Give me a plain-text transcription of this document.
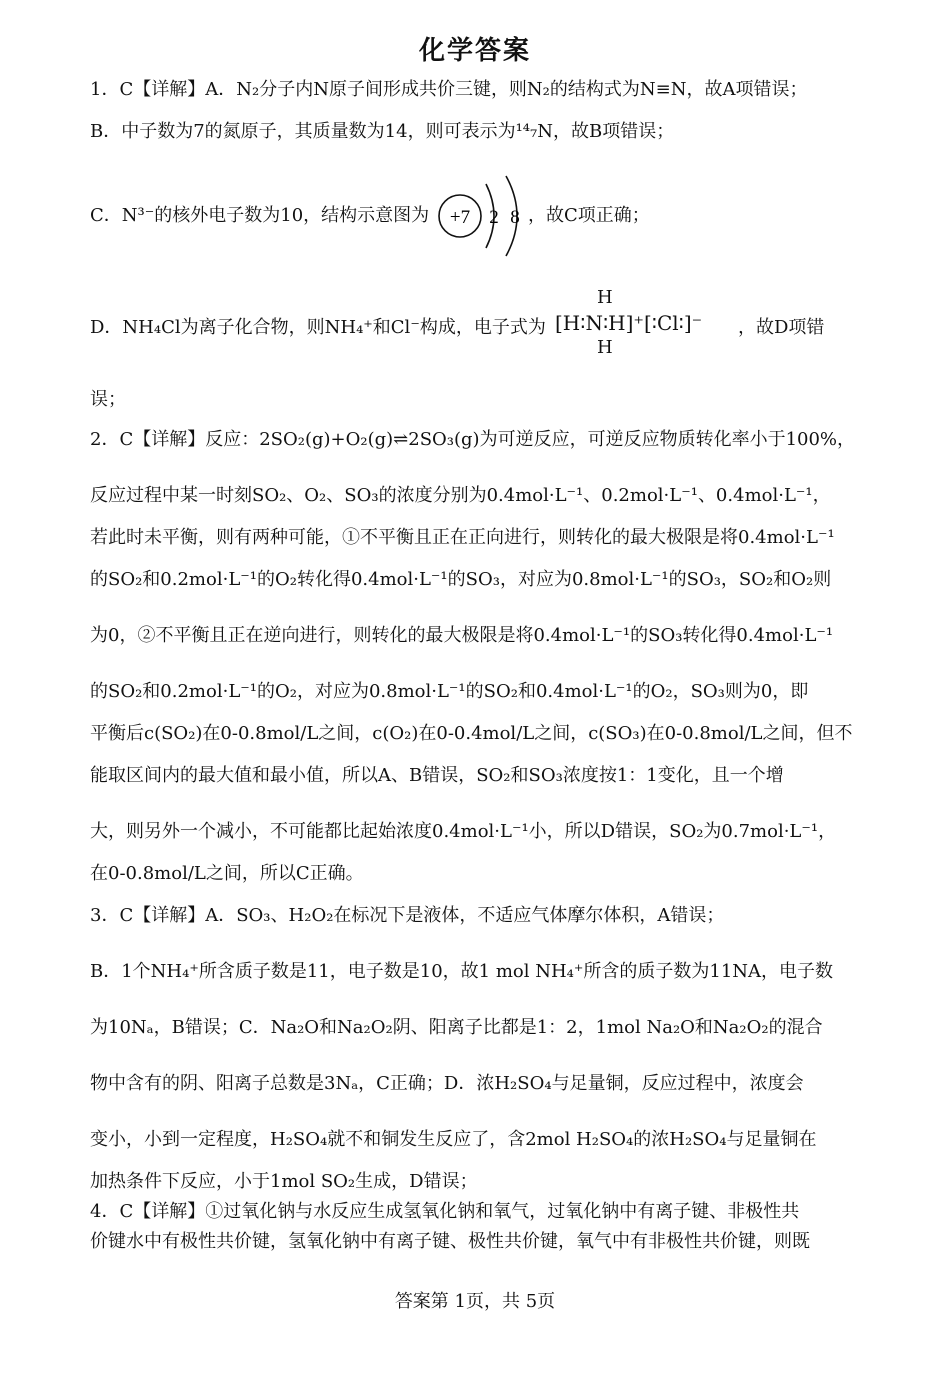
化学答案
1．C【详解】A．N₂分子内N原子间形成共价三键，则N₂的结构式为N≡N，故A项错误；
B．中子数为7的氮原子，其质量数为14，则可表示为¹⁴₇N，故B项错误；
C．N³⁻的核外电子数为10，结构示意图为	+7 2 8 ，故C项正确；
D．NH₄Cl为离子化合物，则NH₄⁺和Cl⁻构成，电子式为
H
[H∶N∶H]⁺[∶Cl∶]⁻
H
，故D项错
误；
2．C【详解】反应：2SO₂(g)+O₂(g)⇌2SO₃(g)为可逆反应，可逆反应物质转化率小于100%，
反应过程中某一时刻SO₂、O₂、SO₃的浓度分别为0.4mol·L⁻¹、0.2mol·L⁻¹、0.4mol·L⁻¹，
若此时未平衡，则有两种可能，①不平衡且正在正向进行，则转化的最大极限是将0.4mol·L⁻¹
的SO₂和0.2mol·L⁻¹的O₂转化得0.4mol·L⁻¹的SO₃，对应为0.8mol·L⁻¹的SO₃，SO₂和O₂则
为0，②不平衡且正在逆向进行，则转化的最大极限是将0.4mol·L⁻¹的SO₃转化得0.4mol·L⁻¹
的SO₂和0.2mol·L⁻¹的O₂，对应为0.8mol·L⁻¹的SO₂和0.4mol·L⁻¹的O₂，SO₃则为0，即
平衡后c(SO₂)在0-0.8mol/L之间，c(O₂)在0-0.4mol/L之间，c(SO₃)在0-0.8mol/L之间，但不
能取区间内的最大值和最小值，所以A、B错误，SO₂和SO₃浓度按1：1变化，且一个增
大，则另外一个减小，不可能都比起始浓度0.4mol·L⁻¹小，所以D错误，SO₂为0.7mol·L⁻¹，
在0-0.8mol/L之间，所以C正确。
3．C【详解】A．SO₃、H₂O₂在标况下是液体，不适应气体摩尔体积，A错误；
B．1个NH₄⁺所含质子数是11，电子数是10，故1 mol NH₄⁺所含的质子数为11NA，电子数
为10Nₐ，B错误；C．Na₂O和Na₂O₂阴、阳离子比都是1：2，1mol Na₂O和Na₂O₂的混合
物中含有的阴、阳离子总数是3Nₐ，C正确；D．浓H₂SO₄与足量铜，反应过程中，浓度会
变小，小到一定程度，H₂SO₄就不和铜发生反应了，含2mol H₂SO₄的浓H₂SO₄与足量铜在
加热条件下反应，小于1mol SO₂生成，D错误；
4．C【详解】①过氧化钠与水反应生成氢氧化钠和氧气，过氧化钠中有离子键、非极性共
价键水中有极性共价键，氢氧化钠中有离子键、极性共价键，氧气中有非极性共价键，则既
答案第 1页，共 5页
